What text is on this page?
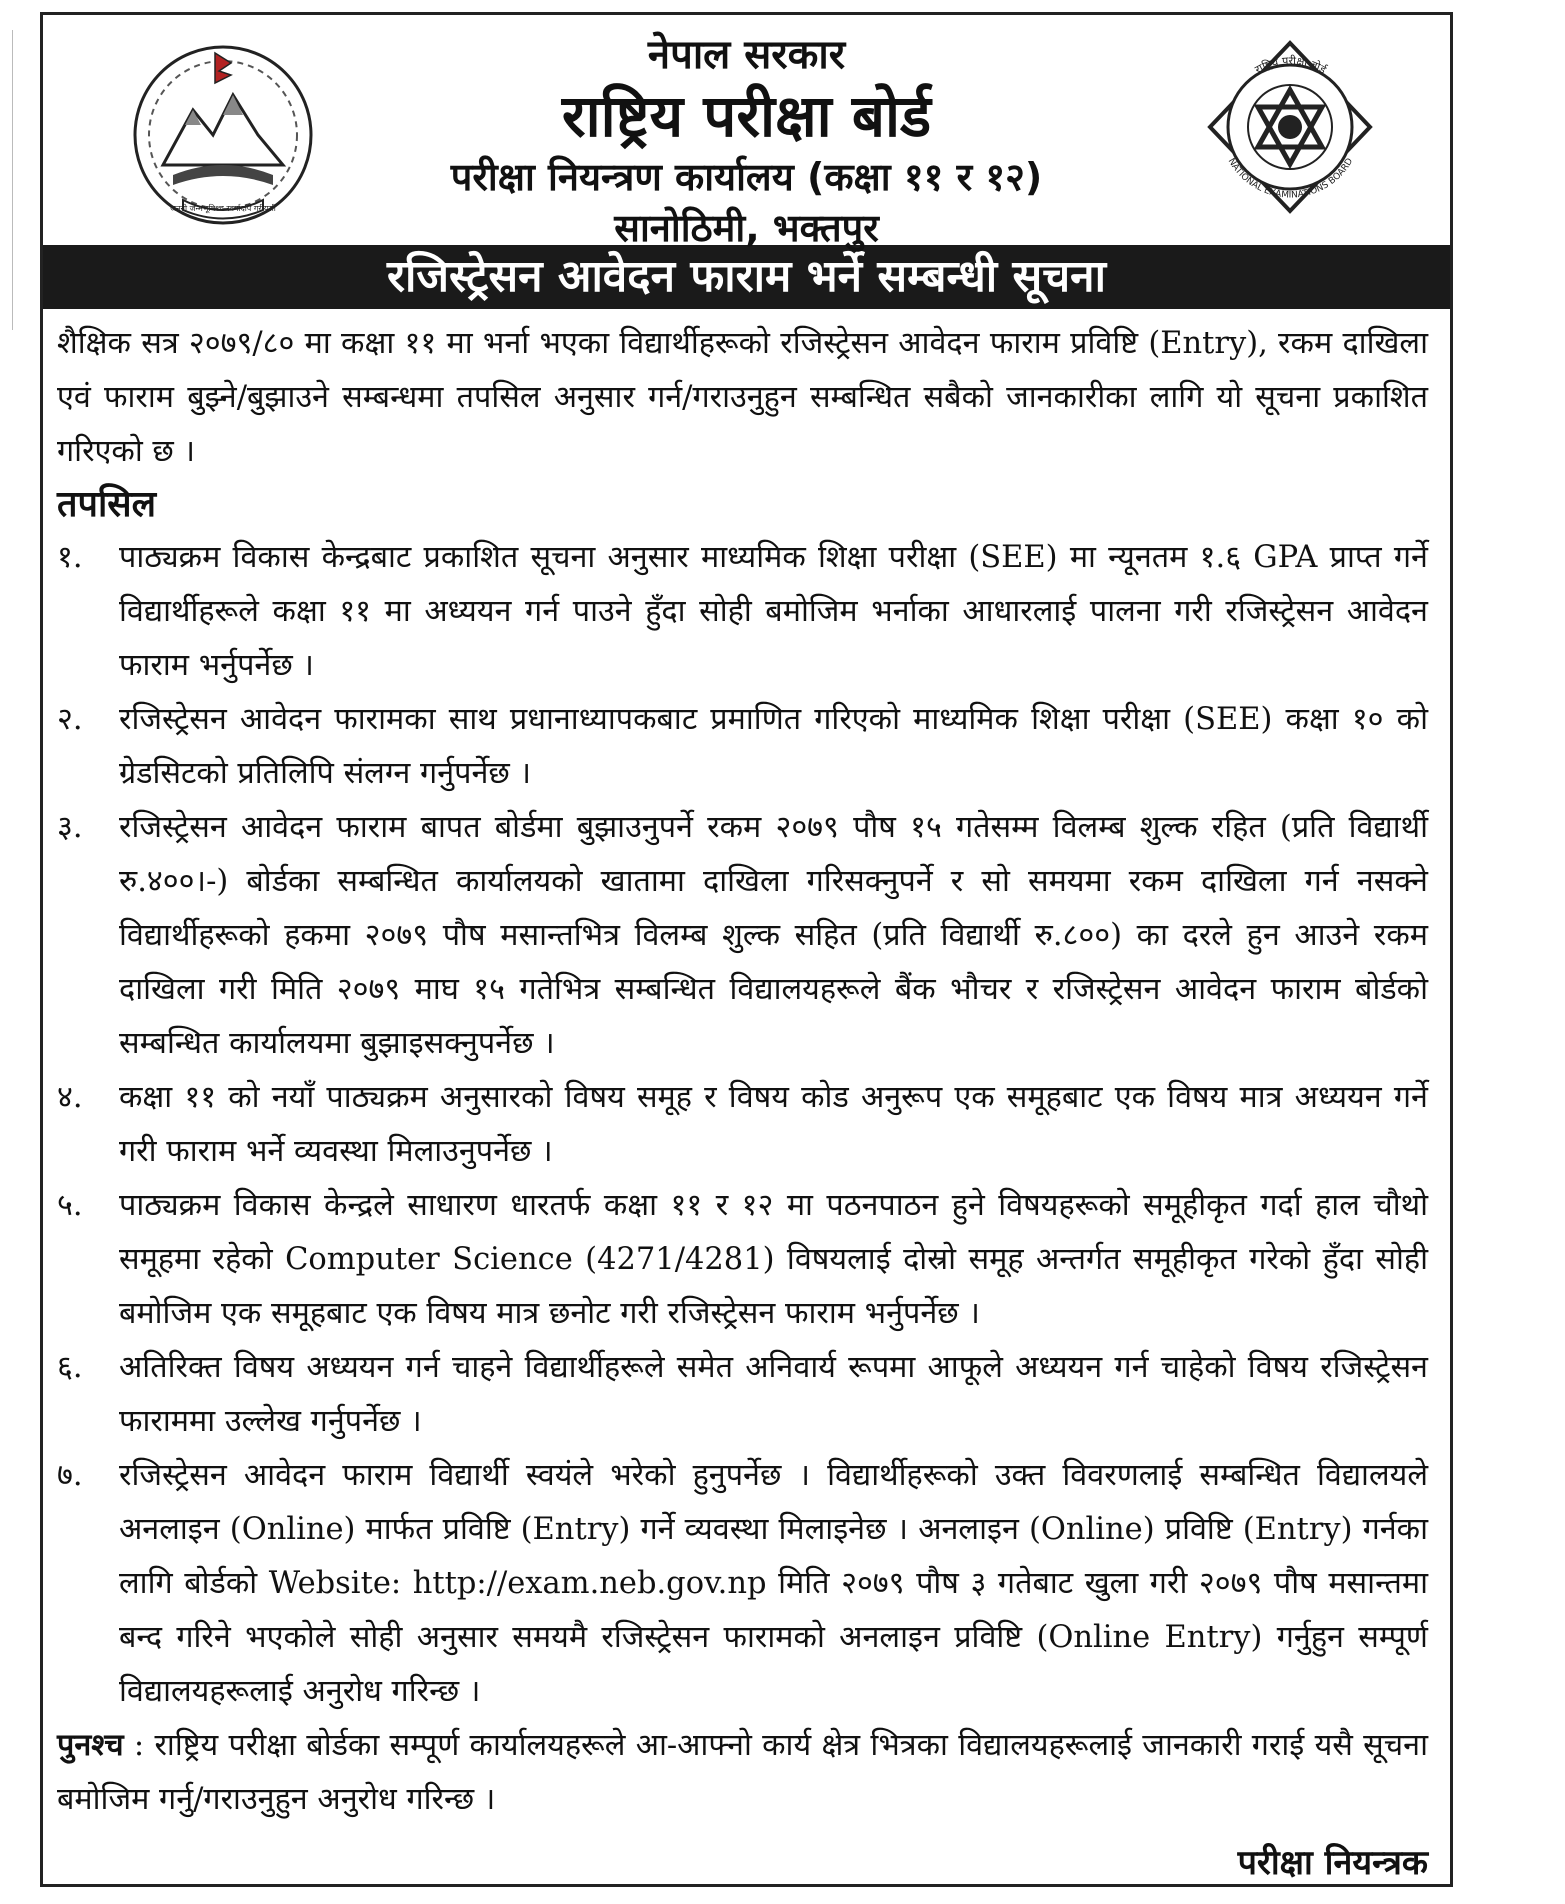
जननी जन्मभूमिश्च स्वर्गादपि गरीयसी
नेपाल सरकार
राष्ट्रिय परीक्षा बोर्ड
परीक्षा नियन्त्रण कार्यालय (कक्षा ११ र १२)
सानोठिमी, भक्तपुर
राष्ट्रिय परीक्षा बोर्ड
NATIONAL EXAMINATIONS BOARD
रजिस्ट्रेसन आवेदन फाराम भर्ने सम्बन्धी सूचना

शैक्षिक सत्र २०७९/८० मा कक्षा ११ मा भर्ना भएका विद्यार्थीहरूको रजिस्ट्रेसन आवेदन फाराम प्रविष्टि (Entry), रकम दाखिला एवं फाराम बुझ्ने/बुझाउने सम्बन्धमा तपसिल अनुसार गर्न/गराउनुहुन सम्बन्धित सबैको जानकारीका लागि यो सूचना प्रकाशित गरिएको छ ।

तपसिल

१.	पाठ्यक्रम विकास केन्द्रबाट प्रकाशित सूचना अनुसार माध्यमिक शिक्षा परीक्षा (SEE) मा न्यूनतम १.६ GPA प्राप्त गर्ने विद्यार्थीहरूले कक्षा ११ मा अध्ययन गर्न पाउने हुँदा सोही बमोजिम भर्नाका आधारलाई पालना गरी रजिस्ट्रेसन आवेदन फाराम भर्नुपर्नेछ ।
२.	रजिस्ट्रेसन आवेदन फारामका साथ प्रधानाध्यापकबाट प्रमाणित गरिएको माध्यमिक शिक्षा परीक्षा (SEE) कक्षा १० को ग्रेडसिटको प्रतिलिपि संलग्न गर्नुपर्नेछ ।
३.	रजिस्ट्रेसन आवेदन फाराम बापत बोर्डमा बुझाउनुपर्ने रकम २०७९ पौष १५ गतेसम्म विलम्ब शुल्क रहित (प्रति विद्यार्थी रु.४००।-) बोर्डका सम्बन्धित कार्यालयको खातामा दाखिला गरिसक्नुपर्ने र सो समयमा रकम दाखिला गर्न नसक्ने विद्यार्थीहरूको हकमा २०७९ पौष मसान्तभित्र विलम्ब शुल्क सहित (प्रति विद्यार्थी रु.८००) का दरले हुन आउने रकम दाखिला गरी मिति २०७९ माघ १५ गतेभित्र सम्बन्धित विद्यालयहरूले बैंक भौचर र रजिस्ट्रेसन आवेदन फाराम बोर्डको सम्बन्धित कार्यालयमा बुझाइसक्नुपर्नेछ ।
४.	कक्षा ११ को नयाँ पाठ्यक्रम अनुसारको विषय समूह र विषय कोड अनुरूप एक समूहबाट एक विषय मात्र अध्ययन गर्ने गरी फाराम भर्ने व्यवस्था मिलाउनुपर्नेछ ।
५.	पाठ्यक्रम विकास केन्द्रले साधारण धारतर्फ कक्षा ११ र १२ मा पठनपाठन हुने विषयहरूको समूहीकृत गर्दा हाल चौथो समूहमा रहेको Computer Science (4271/4281) विषयलाई दोस्रो समूह अन्तर्गत समूहीकृत गरेको हुँदा सोही बमोजिम एक समूहबाट एक विषय मात्र छनोट गरी रजिस्ट्रेसन फाराम भर्नुपर्नेछ ।
६.	अतिरिक्त विषय अध्ययन गर्न चाहने विद्यार्थीहरूले समेत अनिवार्य रूपमा आफूले अध्ययन गर्न चाहेको विषय रजिस्ट्रेसन फाराममा उल्लेख गर्नुपर्नेछ ।
७.	रजिस्ट्रेसन आवेदन फाराम विद्यार्थी स्वयंले भरेको हुनुपर्नेछ । विद्यार्थीहरूको उक्त विवरणलाई सम्बन्धित विद्यालयले अनलाइन (Online) मार्फत प्रविष्टि (Entry) गर्ने व्यवस्था मिलाइनेछ । अनलाइन (Online) प्रविष्टि (Entry) गर्नका लागि बोर्डको Website: http://exam.neb.gov.np मिति २०७९ पौष ३ गतेबाट खुला गरी २०७९ पौष मसान्तमा बन्द गरिने भएकोले सोही अनुसार समयमै रजिस्ट्रेसन फारामको अनलाइन प्रविष्टि (Online Entry) गर्नुहुन सम्पूर्ण विद्यालयहरूलाई अनुरोध गरिन्छ ।

पुनश्च : राष्ट्रिय परीक्षा बोर्डका सम्पूर्ण कार्यालयहरूले आ-आफ्नो कार्य क्षेत्र भित्रका विद्यालयहरूलाई जानकारी गराई यसै सूचना बमोजिम गर्नु/गराउनुहुन अनुरोध गरिन्छ ।

परीक्षा नियन्त्रक
